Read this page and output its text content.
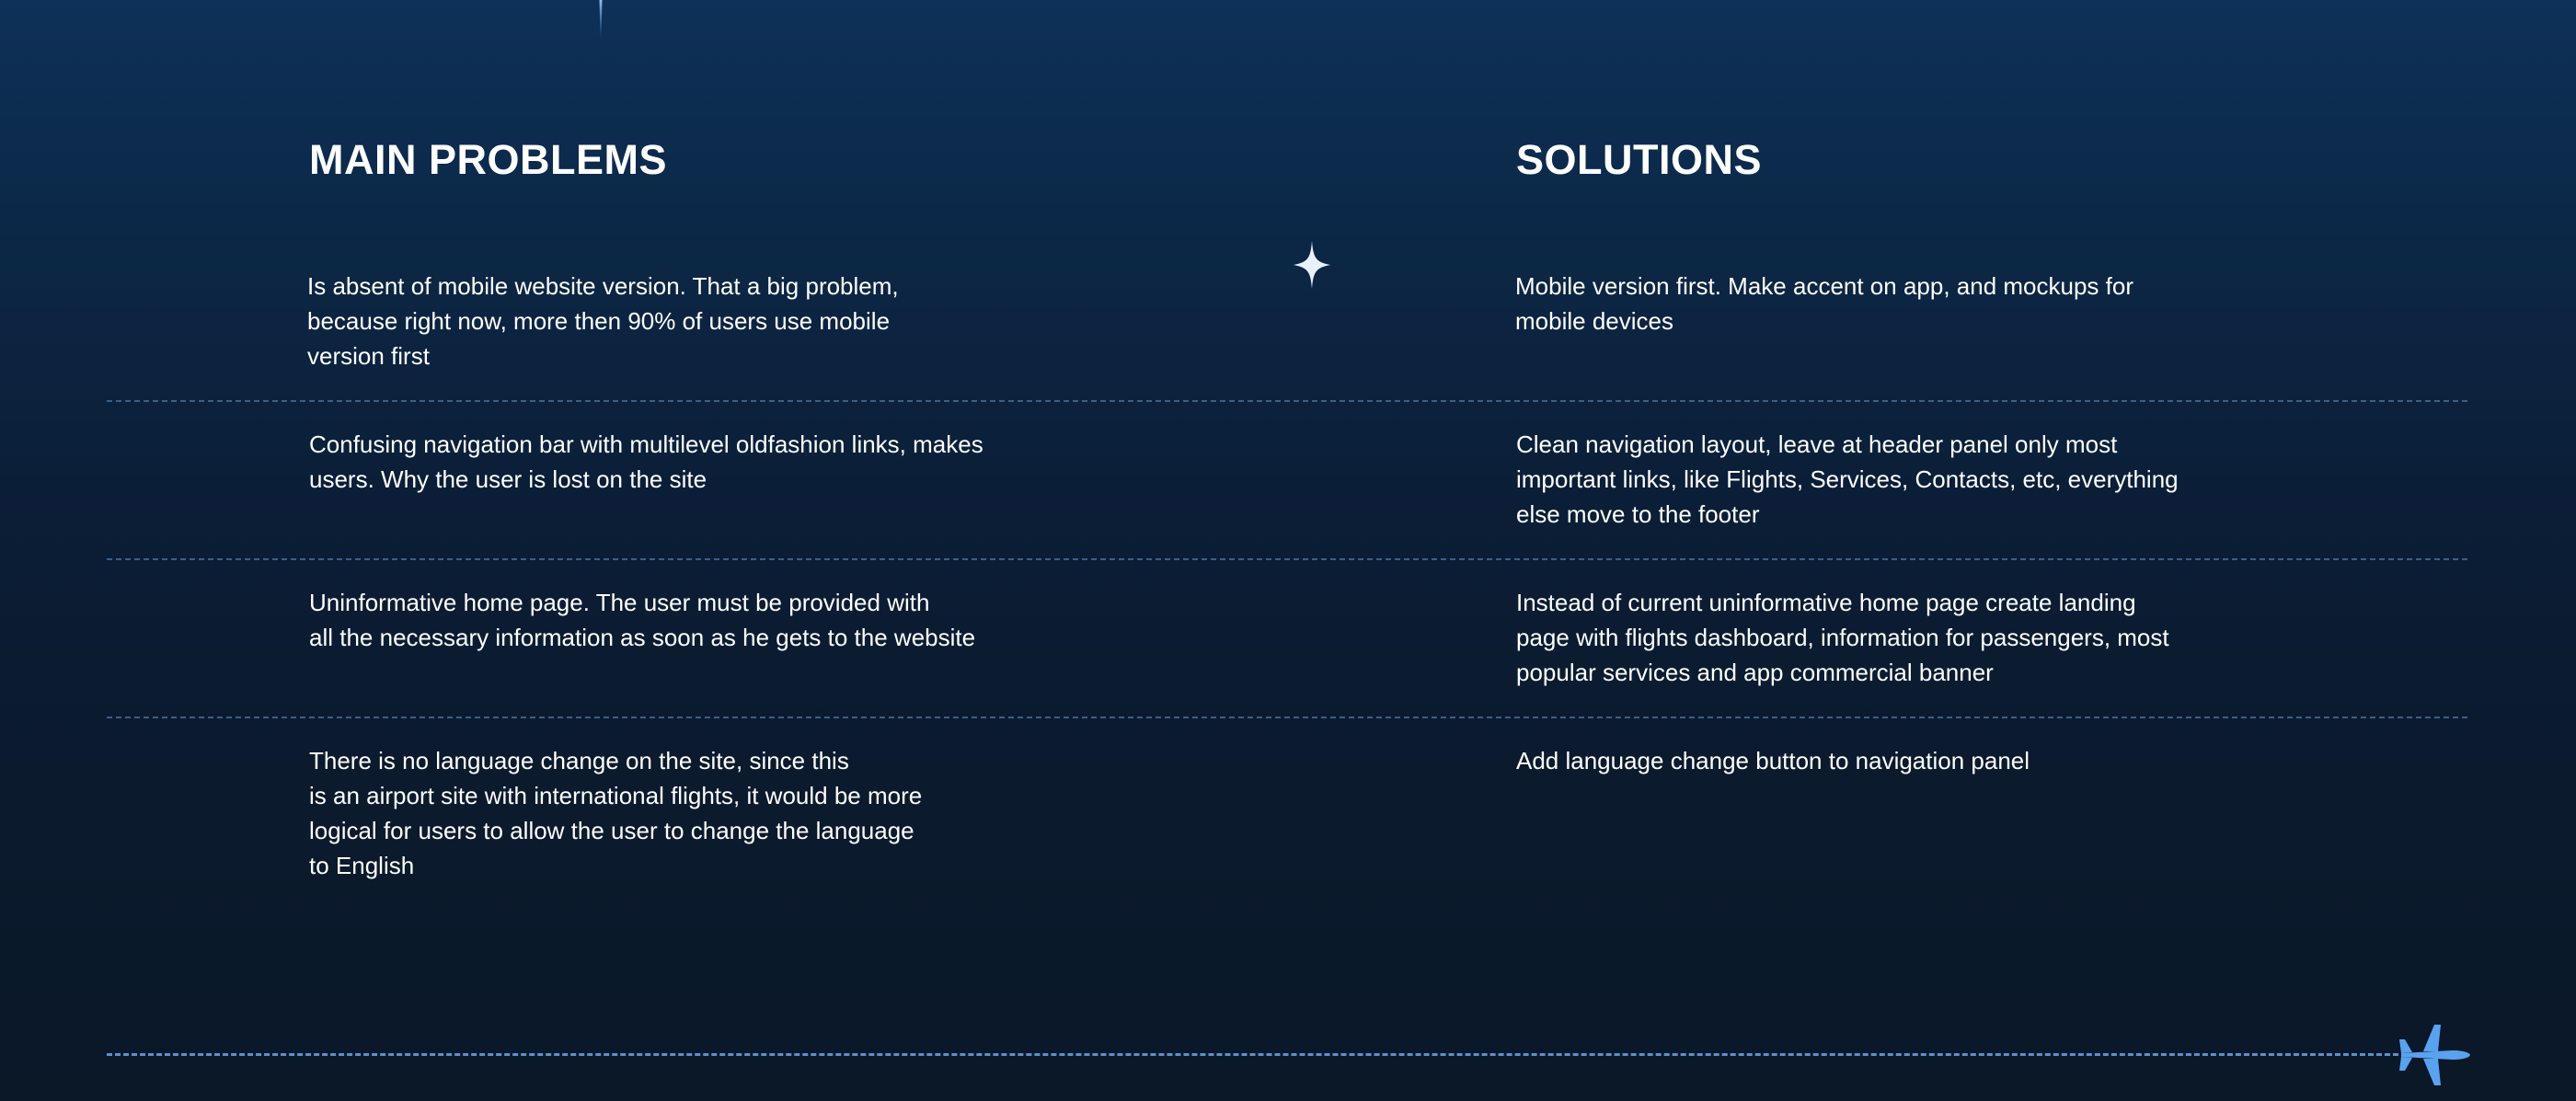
MAIN PROBLEMS	SOLUTIONS

Is absent of mobile website version. That a big problem,
because right now, more then 90% of users use mobile
version first

Mobile version first. Make accent on app, and mockups for
mobile devices

Confusing navigation bar with multilevel oldfashion links, makes
users. Why the user is lost on the site

Clean navigation layout, leave at header panel only most
important links, like Flights, Services, Contacts, etc, everything
else move to the footer

Uninformative home page. The user must be provided with
all the necessary information as soon as he gets to the website

Instead of current uninformative home page create landing
page with flights dashboard, information for passengers, most
popular services and app commercial banner

There is no language change on the site, since this
is an airport site with international flights, it would be more
logical for users to allow the user to change the language
to English

Add language change button to navigation panel
